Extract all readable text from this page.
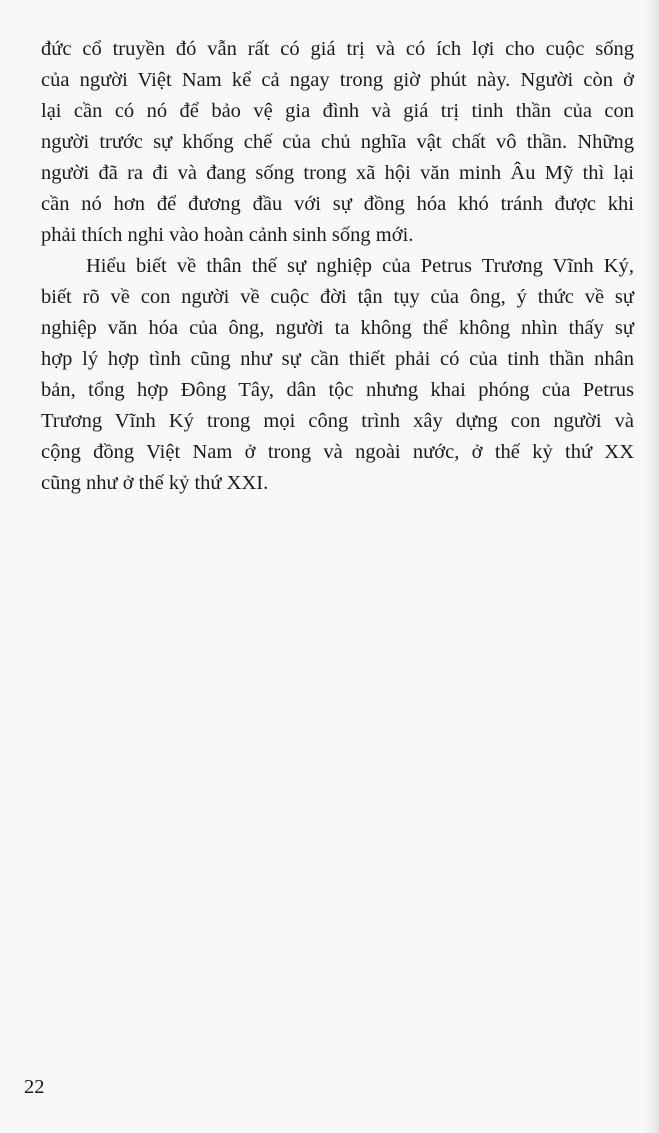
đức cổ truyền đó vẫn rất có giá trị và có ích lợi cho cuộc sống
của người Việt Nam kể cả ngay trong giờ phút này. Người còn ở
lại cần có nó để bảo vệ gia đình và giá trị tinh thần của con
người trước sự khống chế của chủ nghĩa vật chất vô thần. Những
người đã ra đi và đang sống trong xã hội văn minh Âu Mỹ thì lại
cần nó hơn để đương đầu với sự đồng hóa khó tránh được khi
phải thích nghi vào hoàn cảnh sinh sống mới.

Hiểu biết về thân thế sự nghiệp của Petrus Trương Vĩnh Ký,
biết rõ về con người về cuộc đời tận tụy của ông, ý thức về sự
nghiệp văn hóa của ông, người ta không thể không nhìn thấy sự
hợp lý hợp tình cũng như sự cần thiết phải có của tinh thần nhân
bản, tổng hợp Đông Tây, dân tộc nhưng khai phóng của Petrus
Trương Vĩnh Ký trong mọi công trình xây dựng con người và
cộng đồng Việt Nam ở trong và ngoài nước, ở thế kỷ thứ XX
cũng như ở thế kỷ thứ XXI.

22
